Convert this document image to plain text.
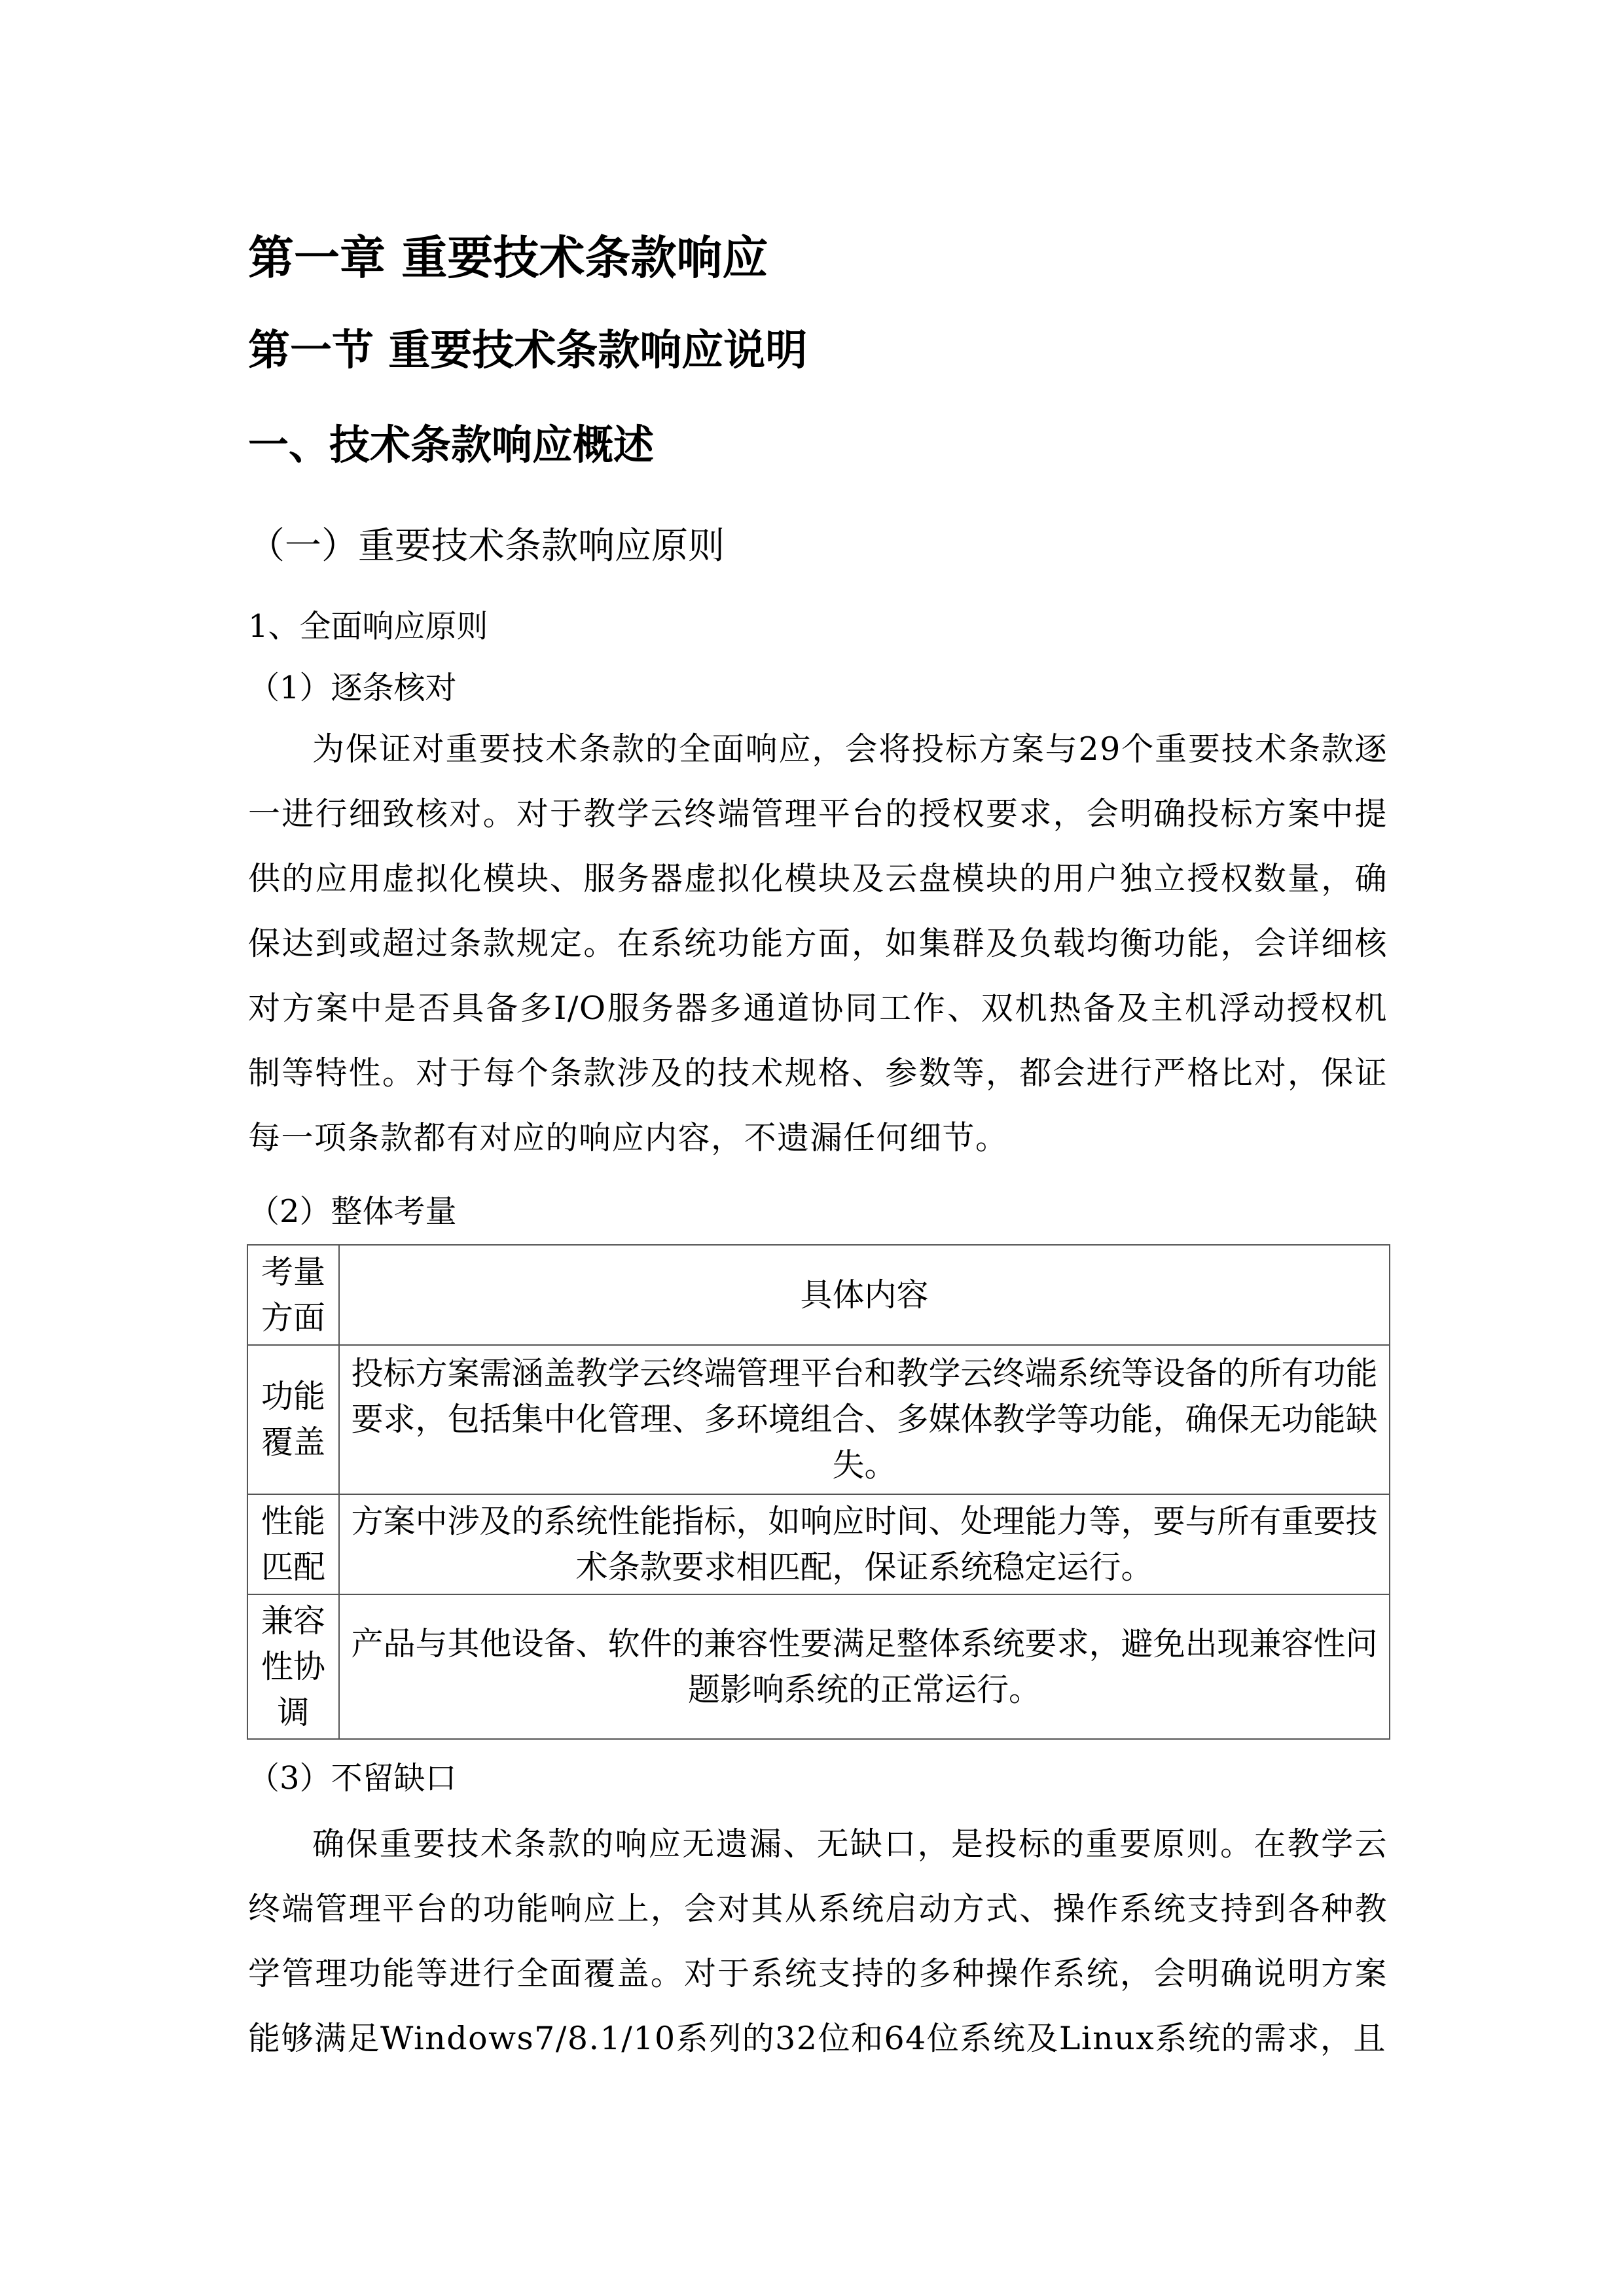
第一章 重要技术条款响应
第一节 重要技术条款响应说明
一、技术条款响应概述
（一）重要技术条款响应原则
1、全面响应原则
（1）逐条核对

为保证对重要技术条款的全面响应，会将投标方案与29个重要技术条款逐一进行细致核对。对于教学云终端管理平台的授权要求，会明确投标方案中提供的应用虚拟化模块、服务器虚拟化模块及云盘模块的用户独立授权数量，确保达到或超过条款规定。在系统功能方面，如集群及负载均衡功能，会详细核对方案中是否具备多I/O服务器多通道协同工作、双机热备及主机浮动授权机制等特性。对于每个条款涉及的技术规格、参数等，都会进行严格比对，保证每一项条款都有对应的响应内容，不遗漏任何细节。

（2）整体考量
考量方面	具体内容
功能覆盖	投标方案需涵盖教学云终端管理平台和教学云终端系统等设备的所有功能要求，包括集中化管理、多环境组合、多媒体教学等功能，确保无功能缺失。
性能匹配	方案中涉及的系统性能指标，如响应时间、处理能力等，要与所有重要技术条款要求相匹配，保证系统稳定运行。
兼容性协调	产品与其他设备、软件的兼容性要满足整体系统要求，避免出现兼容性问题影响系统的正常运行。
（3）不留缺口

确保重要技术条款的响应无遗漏、无缺口，是投标的重要原则。在教学云终端管理平台的功能响应上，会对其从系统启动方式、操作系统支持到各种教学管理功能等进行全面覆盖。对于系统支持的多种操作系统，会明确说明方案能够满足Windows7/8.1/10系列的32位和64位系统及Linux系统的需求，且
